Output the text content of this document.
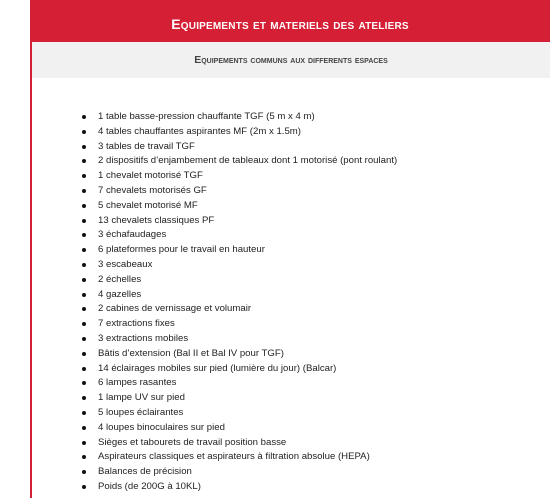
Equipements et materiels des ateliers
Equipements communs aux differents espaces
1 table basse-pression chauffante TGF (5 m x 4 m)
4 tables chauffantes aspirantes MF (2m x 1.5m)
3 tables de travail TGF
2 dispositifs d’enjambement de tableaux dont 1 motorisé (pont roulant)
1 chevalet motorisé TGF
7 chevalets motorisés GF
5 chevalet motorisé MF
13 chevalets classiques PF
3 échafaudages
6 plateformes pour le travail en hauteur
3 escabeaux
2 échelles
4 gazelles
2 cabines de vernissage et volumair
7 extractions fixes
3 extractions mobiles
Bâtis d’extension (Bal II et Bal IV pour TGF)
14 éclairages mobiles sur pied (lumière du jour) (Balcar)
6 lampes rasantes
1 lampe UV sur pied
5 loupes éclairantes
4 loupes binoculaires sur pied
Sièges et tabourets de travail position basse
Aspirateurs classiques et aspirateurs à filtration absolue (HEPA)
Balances de précision
Poids (de 200G à 10KL)
